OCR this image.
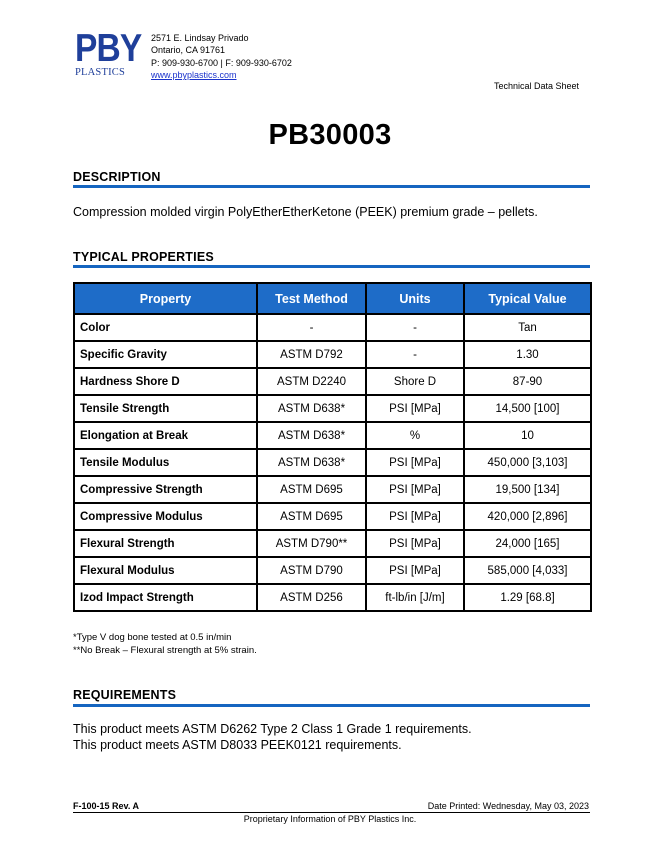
PBY
PLASTICS
2571 E. Lindsay Privado
Ontario, CA 91761
P: 909-930-6700 | F: 909-930-6702
www.pbyplastics.com
Technical Data Sheet
PB30003
DESCRIPTION
Compression molded virgin PolyEtherEtherKetone (PEEK) premium grade – pellets.
TYPICAL PROPERTIES
Property	Test Method	Units	Typical Value
Color	-	-	Tan
Specific Gravity	ASTM D792	-	1.30
Hardness Shore D	ASTM D2240	Shore D	87-90
Tensile Strength	ASTM D638*	PSI [MPa]	14,500 [100]
Elongation at Break	ASTM D638*	%	10
Tensile Modulus	ASTM D638*	PSI [MPa]	450,000 [3,103]
Compressive Strength	ASTM D695	PSI [MPa]	19,500 [134]
Compressive Modulus	ASTM D695	PSI [MPa]	420,000 [2,896]
Flexural Strength	ASTM D790**	PSI [MPa]	24,000 [165]
Flexural Modulus	ASTM D790	PSI [MPa]	585,000 [4,033]
Izod Impact Strength	ASTM D256	ft-lb/in [J/m]	1.29 [68.8]
*Type V dog bone tested at 0.5 in/min
**No Break – Flexural strength at 5% strain.
REQUIREMENTS
This product meets ASTM D6262 Type 2 Class 1 Grade 1 requirements.
This product meets ASTM D8033 PEEK0121 requirements.
F-100-15 Rev. A	Date Printed: Wednesday, May 03, 2023
Proprietary Information of PBY Plastics Inc.
